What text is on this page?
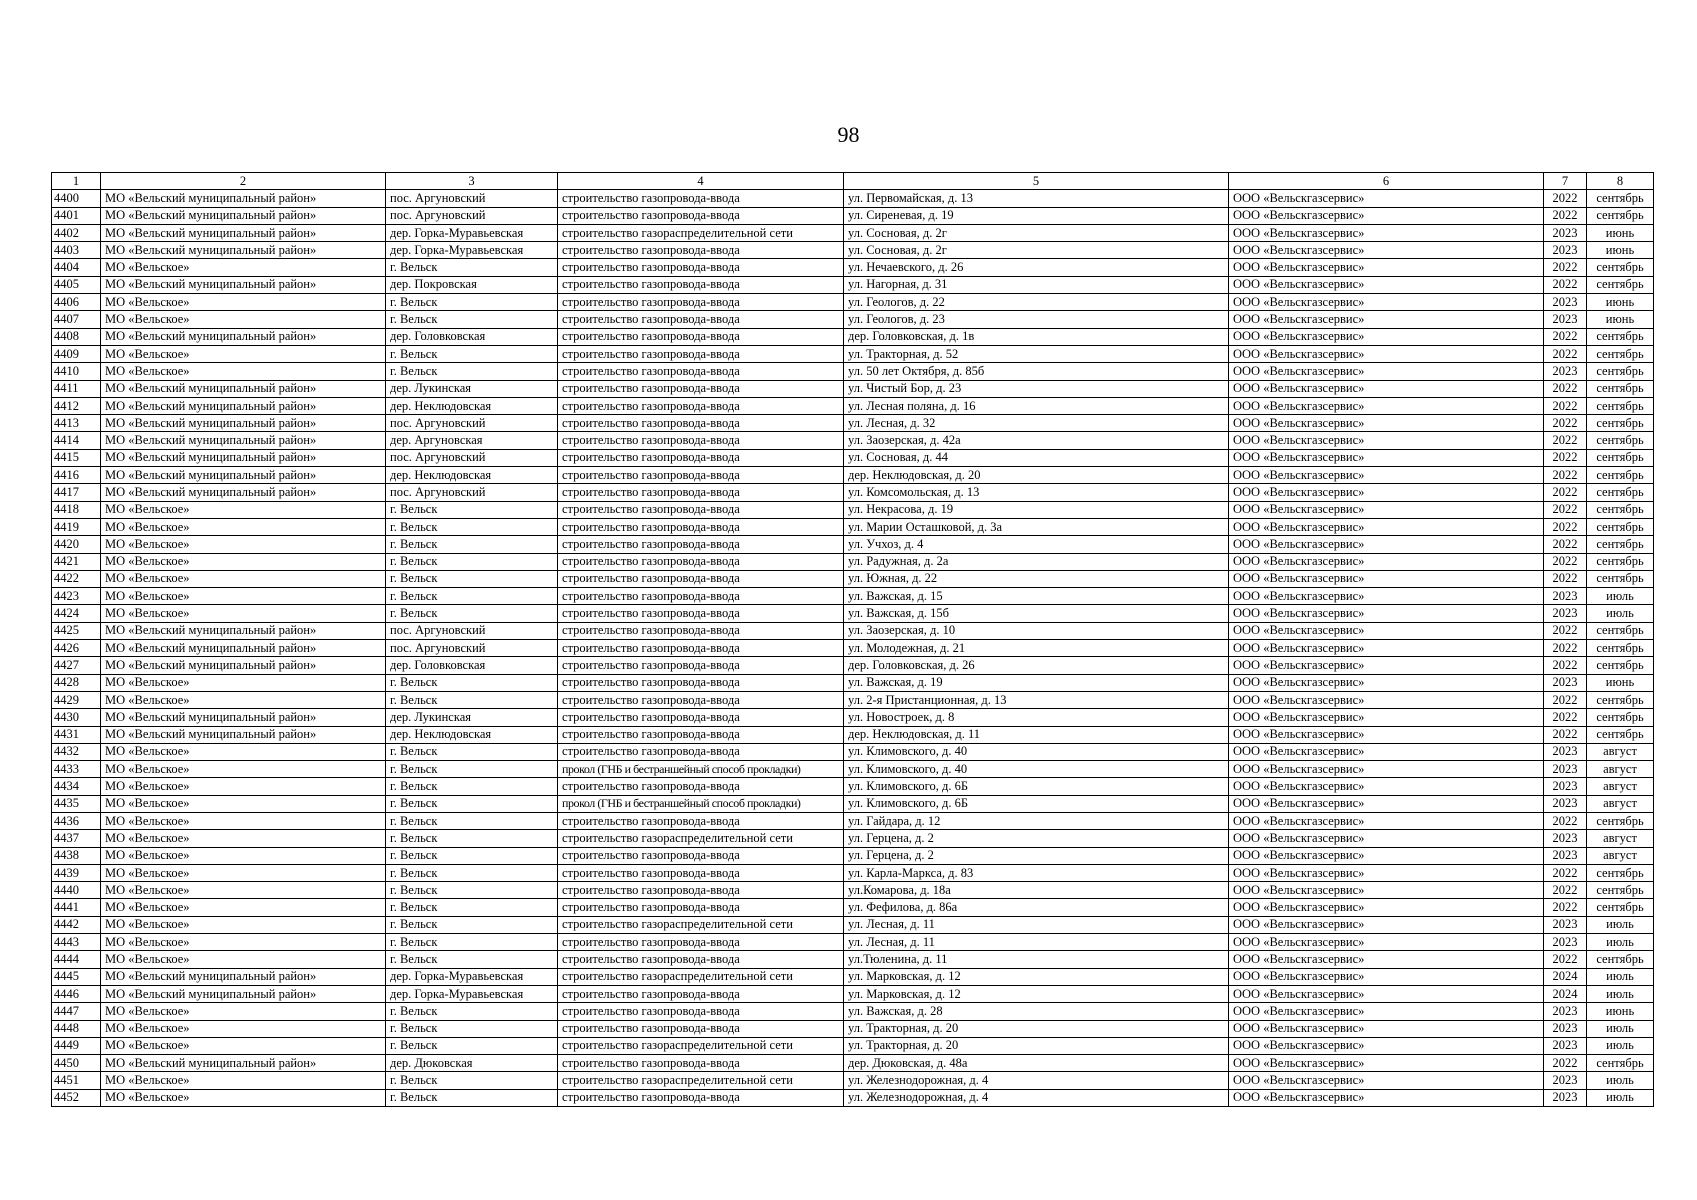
98
1	2	3	4	5	6	7	8
4400	МО «Вельский муниципальный район»	пос. Аргуновский	строительство газопровода-ввода	ул. Первомайская, д. 13	ООО «Вельскгазсервис»	2022	сентябрь
4401	МО «Вельский муниципальный район»	пос. Аргуновский	строительство газопровода-ввода	ул. Сиреневая, д. 19	ООО «Вельскгазсервис»	2022	сентябрь
4402	МО «Вельский муниципальный район»	дер. Горка-Муравьевская	строительство газораспределительной сети	ул. Сосновая, д. 2г	ООО «Вельскгазсервис»	2023	июнь
4403	МО «Вельский муниципальный район»	дер. Горка-Муравьевская	строительство газопровода-ввода	ул. Сосновая, д. 2г	ООО «Вельскгазсервис»	2023	июнь
4404	МО «Вельское»	г. Вельск	строительство газопровода-ввода	ул. Нечаевского, д. 26	ООО «Вельскгазсервис»	2022	сентябрь
4405	МО «Вельский муниципальный район»	дер. Покровская	строительство газопровода-ввода	ул. Нагорная, д. 31	ООО «Вельскгазсервис»	2022	сентябрь
4406	МО «Вельское»	г. Вельск	строительство газопровода-ввода	ул. Геологов, д. 22	ООО «Вельскгазсервис»	2023	июнь
4407	МО «Вельское»	г. Вельск	строительство газопровода-ввода	ул. Геологов, д. 23	ООО «Вельскгазсервис»	2023	июнь
4408	МО «Вельский муниципальный район»	дер. Головковская	строительство газопровода-ввода	дер. Головковская, д. 1в	ООО «Вельскгазсервис»	2022	сентябрь
4409	МО «Вельское»	г. Вельск	строительство газопровода-ввода	ул. Тракторная, д. 52	ООО «Вельскгазсервис»	2022	сентябрь
4410	МО «Вельское»	г. Вельск	строительство газопровода-ввода	ул. 50 лет Октября, д. 85б	ООО «Вельскгазсервис»	2023	сентябрь
4411	МО «Вельский муниципальный район»	дер. Лукинская	строительство газопровода-ввода	ул. Чистый Бор, д. 23	ООО «Вельскгазсервис»	2022	сентябрь
4412	МО «Вельский муниципальный район»	дер. Неклюдовская	строительство газопровода-ввода	ул. Лесная поляна, д. 16	ООО «Вельскгазсервис»	2022	сентябрь
4413	МО «Вельский муниципальный район»	пос. Аргуновский	строительство газопровода-ввода	ул. Лесная, д. 32	ООО «Вельскгазсервис»	2022	сентябрь
4414	МО «Вельский муниципальный район»	дер. Аргуновская	строительство газопровода-ввода	ул. Заозерская, д. 42а	ООО «Вельскгазсервис»	2022	сентябрь
4415	МО «Вельский муниципальный район»	пос. Аргуновский	строительство газопровода-ввода	ул. Сосновая, д. 44	ООО «Вельскгазсервис»	2022	сентябрь
4416	МО «Вельский муниципальный район»	дер. Неклюдовская	строительство газопровода-ввода	дер. Неклюдовская, д. 20	ООО «Вельскгазсервис»	2022	сентябрь
4417	МО «Вельский муниципальный район»	пос. Аргуновский	строительство газопровода-ввода	ул. Комсомольская, д. 13	ООО «Вельскгазсервис»	2022	сентябрь
4418	МО «Вельское»	г. Вельск	строительство газопровода-ввода	ул. Некрасова, д. 19	ООО «Вельскгазсервис»	2022	сентябрь
4419	МО «Вельское»	г. Вельск	строительство газопровода-ввода	ул. Марии Осташковой, д. 3а	ООО «Вельскгазсервис»	2022	сентябрь
4420	МО «Вельское»	г. Вельск	строительство газопровода-ввода	ул. Учхоз, д. 4	ООО «Вельскгазсервис»	2022	сентябрь
4421	МО «Вельское»	г. Вельск	строительство газопровода-ввода	ул. Радужная, д. 2а	ООО «Вельскгазсервис»	2022	сентябрь
4422	МО «Вельское»	г. Вельск	строительство газопровода-ввода	ул. Южная, д. 22	ООО «Вельскгазсервис»	2022	сентябрь
4423	МО «Вельское»	г. Вельск	строительство газопровода-ввода	ул. Важская, д. 15	ООО «Вельскгазсервис»	2023	июль
4424	МО «Вельское»	г. Вельск	строительство газопровода-ввода	ул. Важская, д. 15б	ООО «Вельскгазсервис»	2023	июль
4425	МО «Вельский муниципальный район»	пос. Аргуновский	строительство газопровода-ввода	ул. Заозерская, д. 10	ООО «Вельскгазсервис»	2022	сентябрь
4426	МО «Вельский муниципальный район»	пос. Аргуновский	строительство газопровода-ввода	ул. Молодежная, д. 21	ООО «Вельскгазсервис»	2022	сентябрь
4427	МО «Вельский муниципальный район»	дер. Головковская	строительство газопровода-ввода	дер. Головковская, д. 26	ООО «Вельскгазсервис»	2022	сентябрь
4428	МО «Вельское»	г. Вельск	строительство газопровода-ввода	ул. Важская, д. 19	ООО «Вельскгазсервис»	2023	июнь
4429	МО «Вельское»	г. Вельск	строительство газопровода-ввода	ул. 2-я Пристанционная, д. 13	ООО «Вельскгазсервис»	2022	сентябрь
4430	МО «Вельский муниципальный район»	дер. Лукинская	строительство газопровода-ввода	ул. Новостроек, д. 8	ООО «Вельскгазсервис»	2022	сентябрь
4431	МО «Вельский муниципальный район»	дер. Неклюдовская	строительство газопровода-ввода	дер. Неклюдовская, д. 11	ООО «Вельскгазсервис»	2022	сентябрь
4432	МО «Вельское»	г. Вельск	строительство газопровода-ввода	ул. Климовского, д. 40	ООО «Вельскгазсервис»	2023	август
4433	МО «Вельское»	г. Вельск	прокол (ГНБ и бестраншейный способ прокладки)	ул. Климовского, д. 40	ООО «Вельскгазсервис»	2023	август
4434	МО «Вельское»	г. Вельск	строительство газопровода-ввода	ул. Климовского, д. 6Б	ООО «Вельскгазсервис»	2023	август
4435	МО «Вельское»	г. Вельск	прокол (ГНБ и бестраншейный способ прокладки)	ул. Климовского, д. 6Б	ООО «Вельскгазсервис»	2023	август
4436	МО «Вельское»	г. Вельск	строительство газопровода-ввода	ул. Гайдара, д. 12	ООО «Вельскгазсервис»	2022	сентябрь
4437	МО «Вельское»	г. Вельск	строительство газораспределительной сети	ул. Герцена, д. 2	ООО «Вельскгазсервис»	2023	август
4438	МО «Вельское»	г. Вельск	строительство газопровода-ввода	ул. Герцена, д. 2	ООО «Вельскгазсервис»	2023	август
4439	МО «Вельское»	г. Вельск	строительство газопровода-ввода	ул. Карла-Маркса, д. 83	ООО «Вельскгазсервис»	2022	сентябрь
4440	МО «Вельское»	г. Вельск	строительство газопровода-ввода	ул.Комарова, д. 18а	ООО «Вельскгазсервис»	2022	сентябрь
4441	МО «Вельское»	г. Вельск	строительство газопровода-ввода	ул. Фефилова, д. 86а	ООО «Вельскгазсервис»	2022	сентябрь
4442	МО «Вельское»	г. Вельск	строительство газораспределительной сети	ул. Лесная, д. 11	ООО «Вельскгазсервис»	2023	июль
4443	МО «Вельское»	г. Вельск	строительство газопровода-ввода	ул. Лесная, д. 11	ООО «Вельскгазсервис»	2023	июль
4444	МО «Вельское»	г. Вельск	строительство газопровода-ввода	ул.Тюленина, д. 11	ООО «Вельскгазсервис»	2022	сентябрь
4445	МО «Вельский муниципальный район»	дер. Горка-Муравьевская	строительство газораспределительной сети	ул. Марковская, д. 12	ООО «Вельскгазсервис»	2024	июль
4446	МО «Вельский муниципальный район»	дер. Горка-Муравьевская	строительство газопровода-ввода	ул. Марковская, д. 12	ООО «Вельскгазсервис»	2024	июль
4447	МО «Вельское»	г. Вельск	строительство газопровода-ввода	ул. Важская, д. 28	ООО «Вельскгазсервис»	2023	июнь
4448	МО «Вельское»	г. Вельск	строительство газопровода-ввода	ул. Тракторная, д. 20	ООО «Вельскгазсервис»	2023	июль
4449	МО «Вельское»	г. Вельск	строительство газораспределительной сети	ул. Тракторная, д. 20	ООО «Вельскгазсервис»	2023	июль
4450	МО «Вельский муниципальный район»	дер. Дюковская	строительство газопровода-ввода	дер. Дюковская, д. 48а	ООО «Вельскгазсервис»	2022	сентябрь
4451	МО «Вельское»	г. Вельск	строительство газораспределительной сети	ул. Железнодорожная, д. 4	ООО «Вельскгазсервис»	2023	июль
4452	МО «Вельское»	г. Вельск	строительство газопровода-ввода	ул. Железнодорожная, д. 4	ООО «Вельскгазсервис»	2023	июль
